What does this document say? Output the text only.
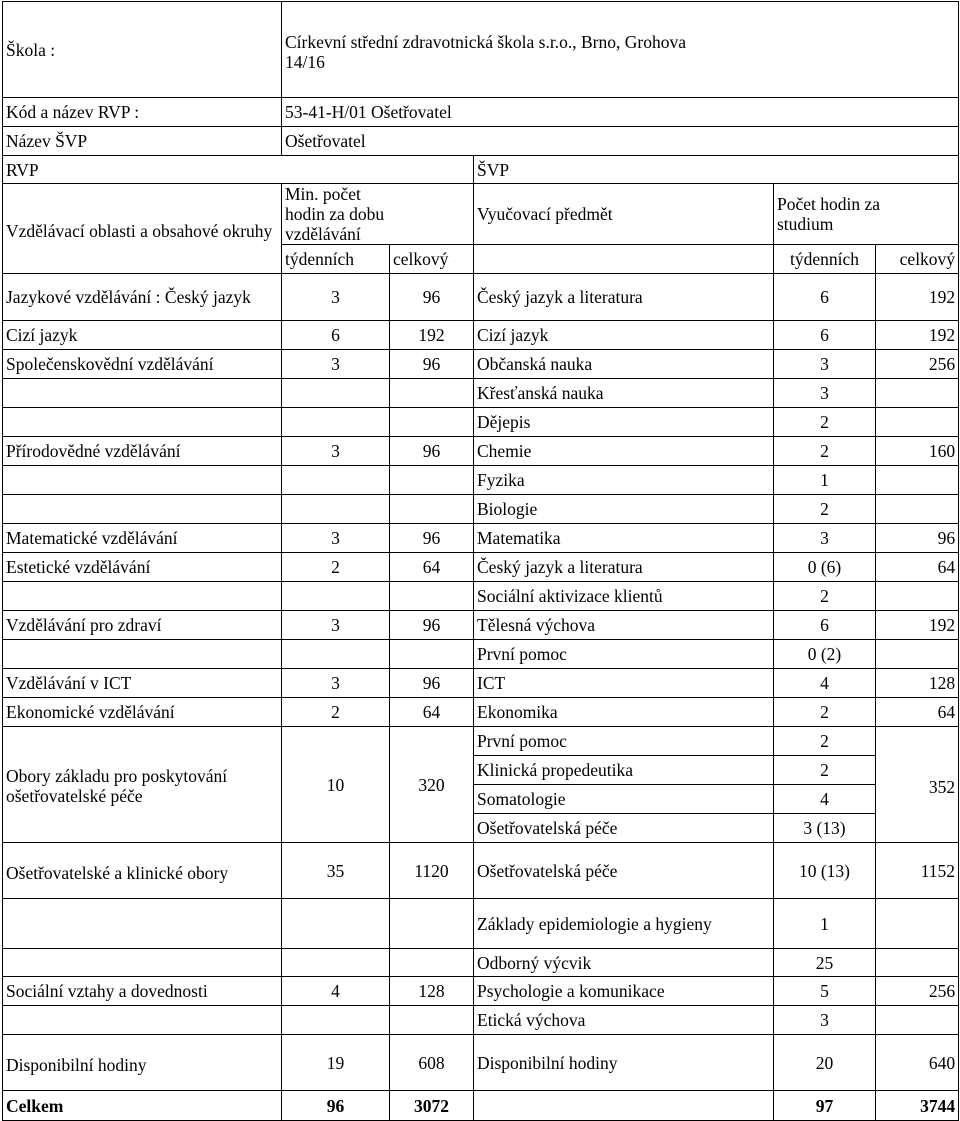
Škola :	Církevní střední zdravotnická škola s.r.o., Brno, Grohova 14/16				
Kód a název RVP :	53-41-H/01 Ošetřovatel				
Název ŠVP	Ošetřovatel				
RVP			ŠVP		
Vzdělávací oblasti a obsahové okruhy	Min. počet hodin za dobu vzdělávání		Vyučovací předmět	Počet hodin za studium	
	týdenních	celkový		týdenních	celkový
Jazykové vzdělávání : Český jazyk	3	96	Český jazyk a literatura	6	192
Cizí jazyk	6	192	Cizí jazyk	6	192
Společenskovědní vzdělávání	3	96	Občanská nauka	3	256
			Křesťanská nauka	3	
			Dějepis	2	
Přírodovědné vzdělávání	3	96	Chemie	2	160
			Fyzika	1	
			Biologie	2	
Matematické vzdělávání	3	96	Matematika	3	96
Estetické vzdělávání	2	64	Český jazyk a literatura	0 (6)	64
			Sociální aktivizace klientů	2	
Vzdělávání pro zdraví	3	96	Tělesná výchova	6	192
			První pomoc	0 (2)	
Vzdělávání v ICT	3	96	ICT	4	128
Ekonomické vzdělávání	2	64	Ekonomika	2	64
Obory základu pro poskytování ošetřovatelské péče	10	320	První pomoc	2	352
			Klinická propedeutika	2	
			Somatologie	4	
			Ošetřovatelská péče	3 (13)	
Ošetřovatelské a klinické obory	35	1120	Ošetřovatelská péče	10 (13)	1152
			Základy epidemiologie a hygieny	1	
			Odborný výcvik	25	
Sociální vztahy a dovednosti	4	128	Psychologie a komunikace	5	256
			Etická výchova	3	
Disponibilní hodiny	19	608	Disponibilní hodiny	20	640
Celkem	96	3072		97	3744
